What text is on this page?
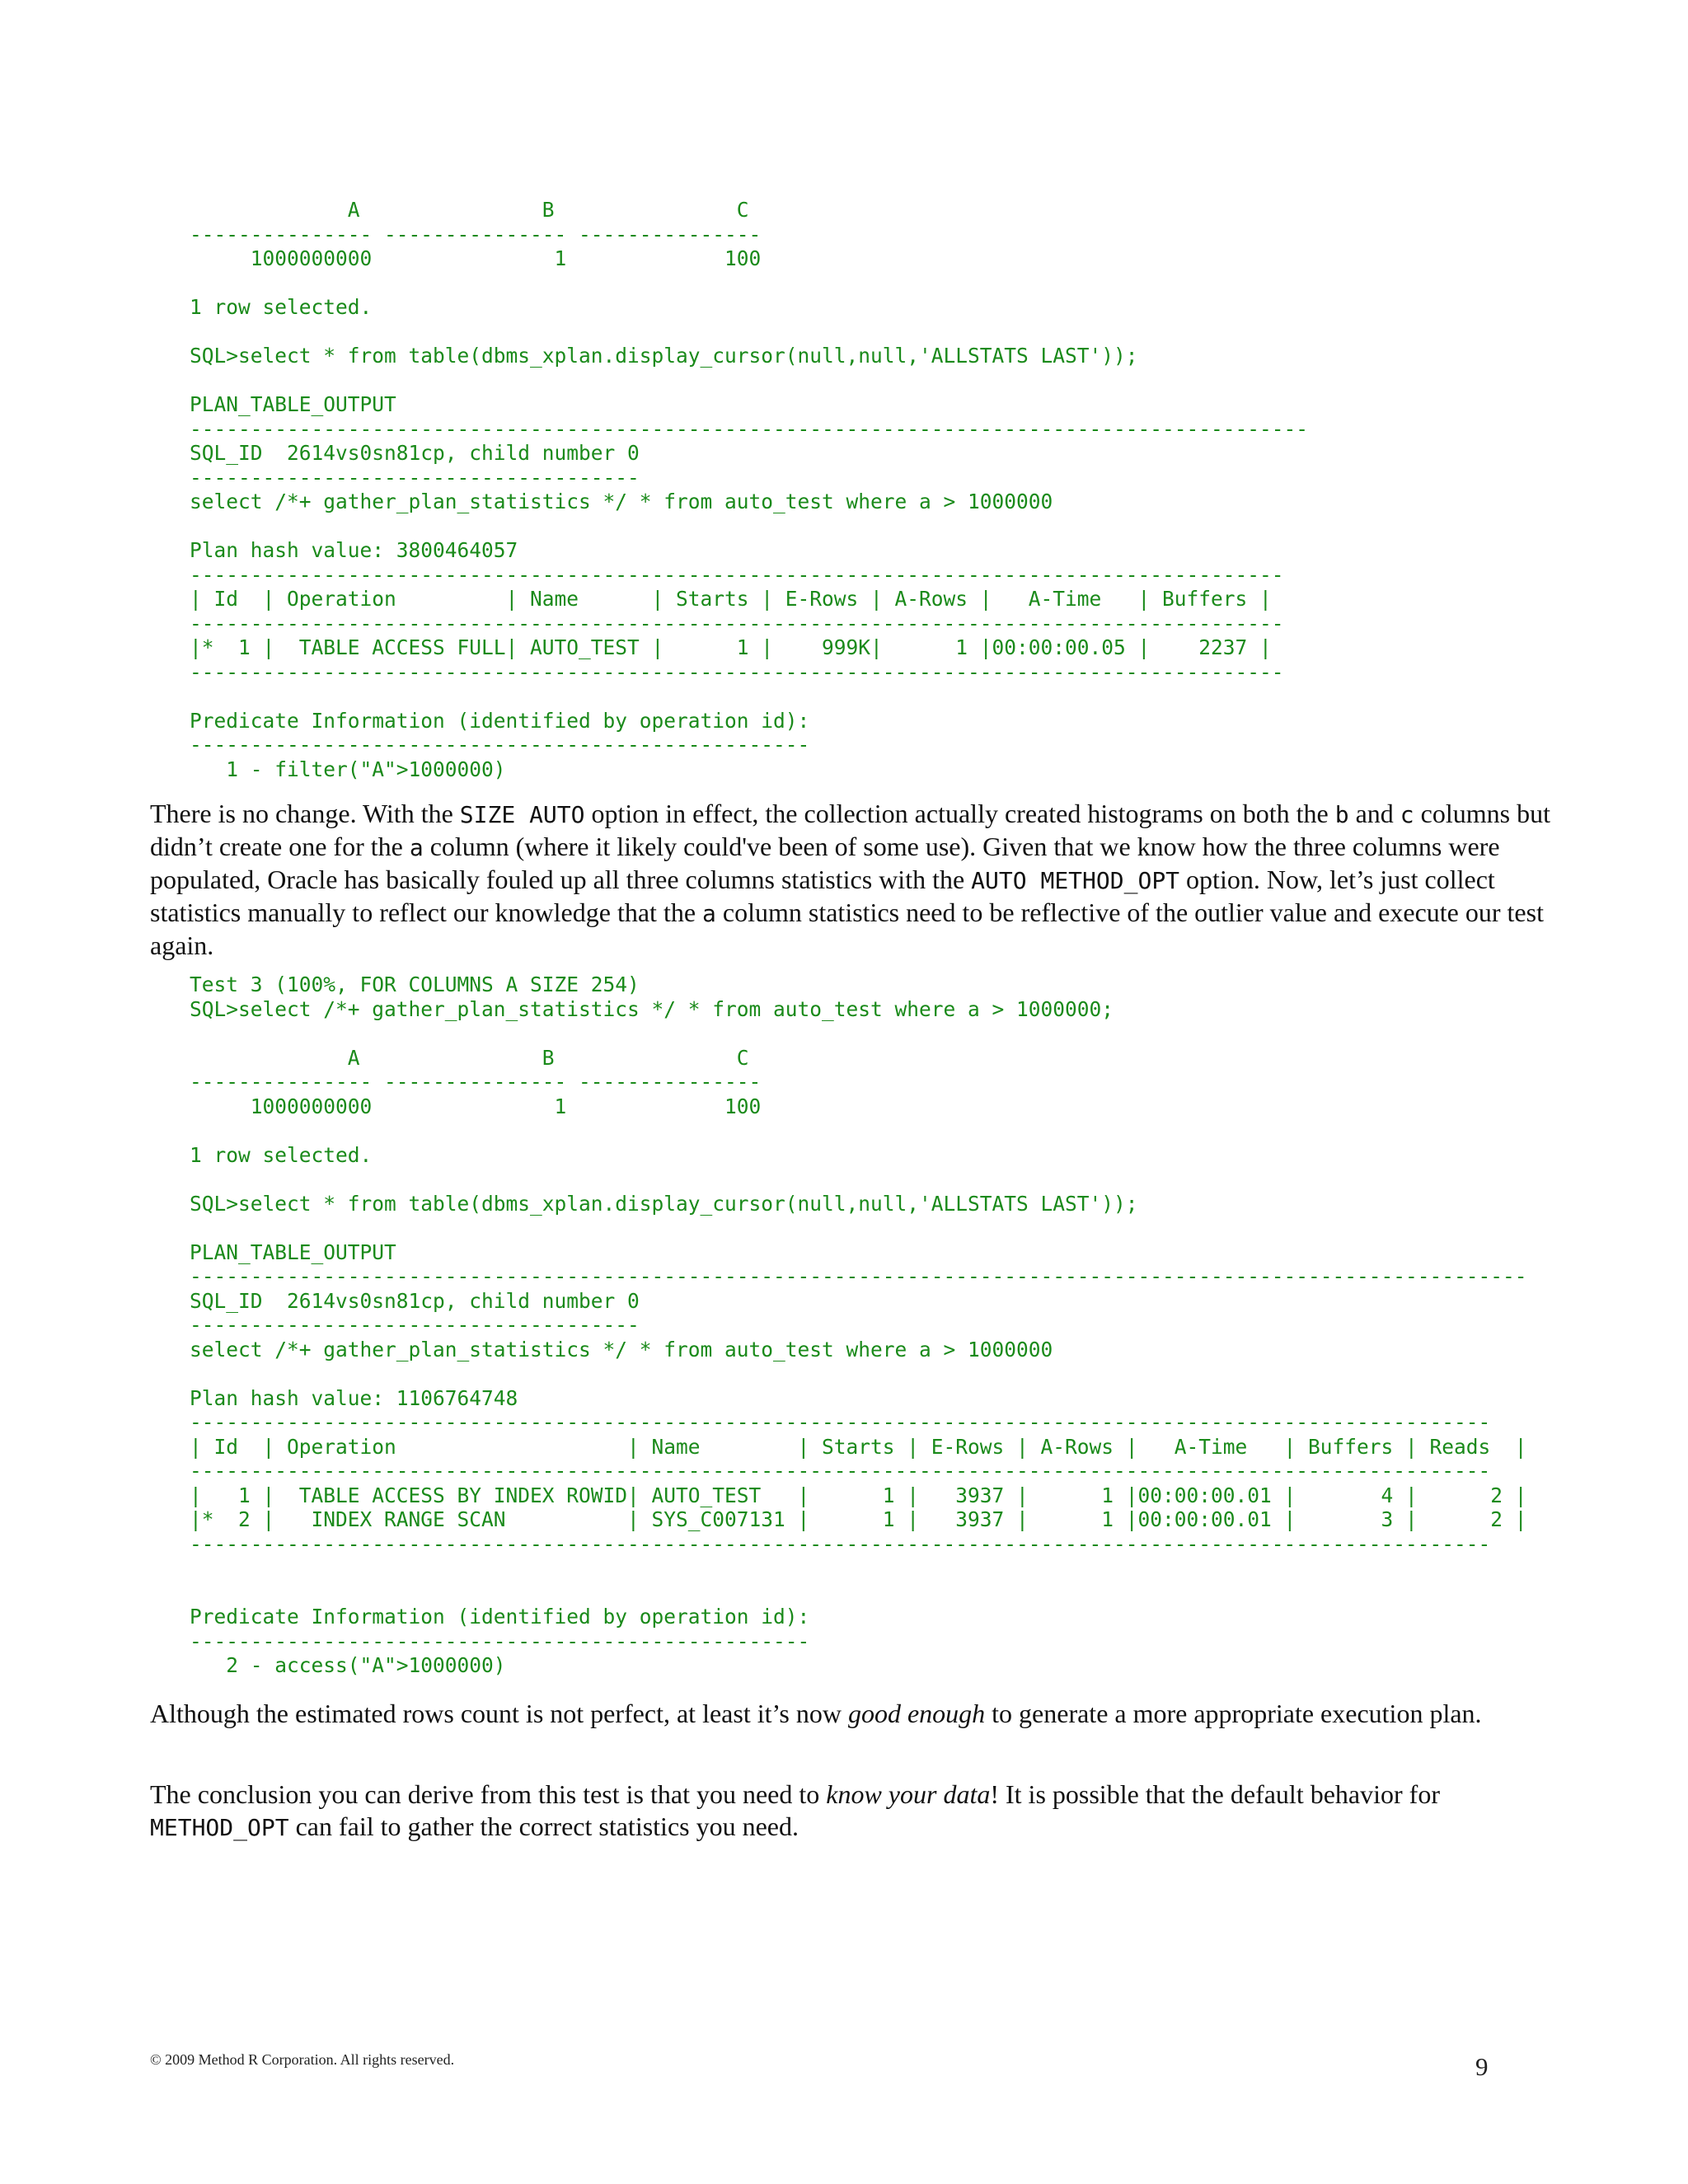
A               B               C
--------------- --------------- ---------------
1000000000               1             100

1 row selected.

SQL>select * from table(dbms_xplan.display_cursor(null,null,'ALLSTATS LAST'));

PLAN_TABLE_OUTPUT
--------------------------------------------------------------------------------------------
SQL_ID  2614vs0sn81cp, child number 0
-------------------------------------
select /*+ gather_plan_statistics */ * from auto_test where a > 1000000

Plan hash value: 3800464057
------------------------------------------------------------------------------------------
| Id  | Operation         | Name      | Starts | E-Rows | A-Rows |   A-Time   | Buffers |
------------------------------------------------------------------------------------------
|*  1 |  TABLE ACCESS FULL| AUTO_TEST |      1 |    999K|      1 |00:00:00.05 |    2237 |
------------------------------------------------------------------------------------------

Predicate Information (identified by operation id):
---------------------------------------------------
1 - filter("A">1000000)

There is no change. With the SIZE AUTO option in effect, the collection actually created histograms on both the b and c columns but didn’t create one for the a column (where it likely could've been of some use). Given that we know how the three columns were populated, Oracle has basically fouled up all three columns statistics with the AUTO METHOD_OPT option. Now, let’s just collect statistics manually to reflect our knowledge that the a column statistics need to be reflective of the outlier value and execute our test again.

Test 3 (100%, FOR COLUMNS A SIZE 254)
SQL>select /*+ gather_plan_statistics */ * from auto_test where a > 1000000;

A               B               C
--------------- --------------- ---------------
1000000000               1             100

1 row selected.

SQL>select * from table(dbms_xplan.display_cursor(null,null,'ALLSTATS LAST'));

PLAN_TABLE_OUTPUT
--------------------------------------------------------------------------------------------------------------
SQL_ID  2614vs0sn81cp, child number 0
-------------------------------------
select /*+ gather_plan_statistics */ * from auto_test where a > 1000000

Plan hash value: 1106764748
-----------------------------------------------------------------------------------------------------------
| Id  | Operation                   | Name        | Starts | E-Rows | A-Rows |   A-Time   | Buffers | Reads  |
-----------------------------------------------------------------------------------------------------------
|   1 |  TABLE ACCESS BY INDEX ROWID| AUTO_TEST   |      1 |   3937 |      1 |00:00:00.01 |       4 |      2 |
|*  2 |   INDEX RANGE SCAN          | SYS_C007131 |      1 |   3937 |      1 |00:00:00.01 |       3 |      2 |
-----------------------------------------------------------------------------------------------------------

Predicate Information (identified by operation id):
---------------------------------------------------
2 - access("A">1000000)

Although the estimated rows count is not perfect, at least it’s now good enough to generate a more appropriate execution plan.

The conclusion you can derive from this test is that you need to know your data! It is possible that the default behavior for METHOD_OPT can fail to gather the correct statistics you need.

© 2009 Method R Corporation. All rights reserved.	9
